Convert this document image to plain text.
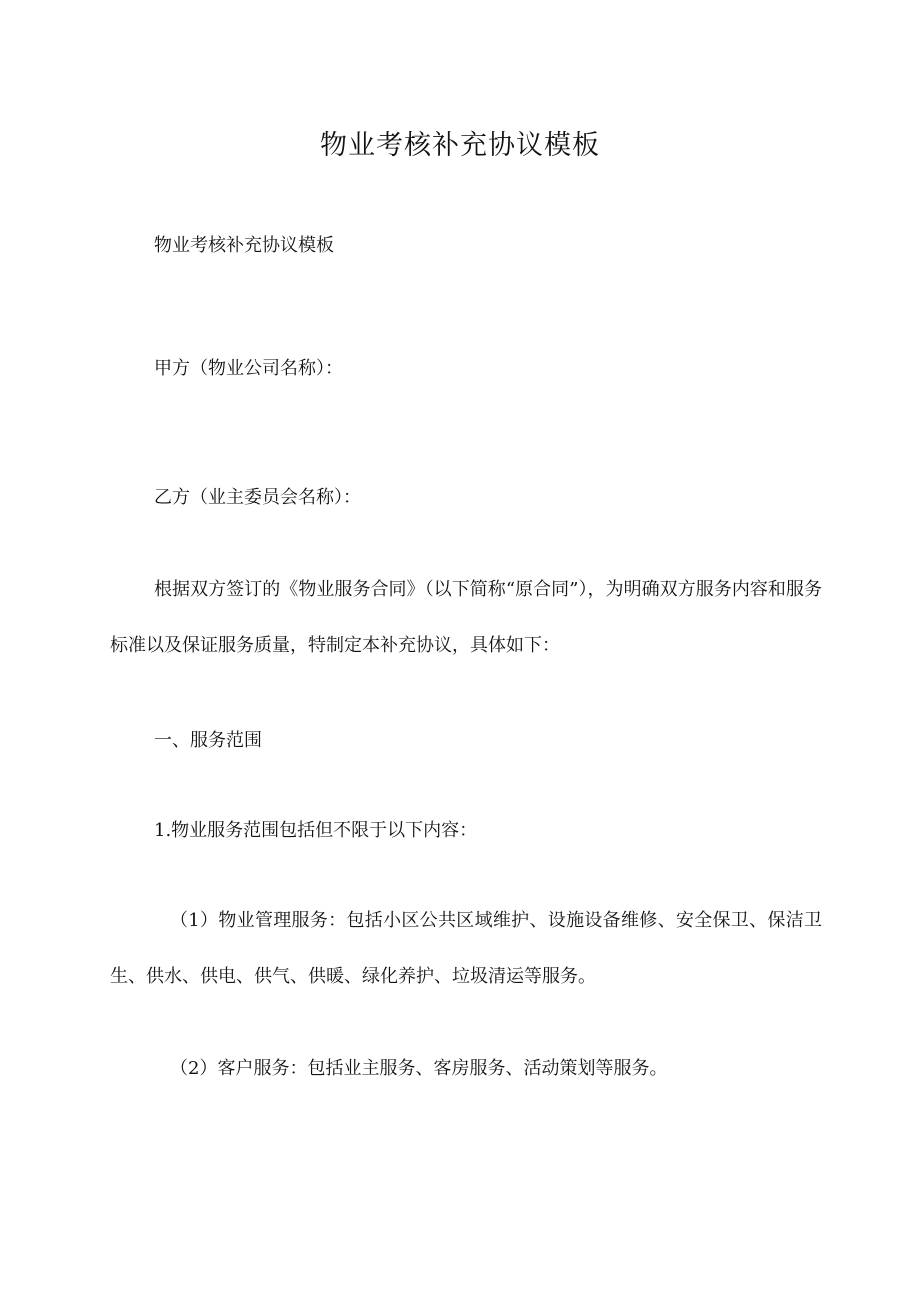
物业考核补充协议模板

物业考核补充协议模板

甲方（物业公司名称）：

乙方（业主委员会名称）：

根据双方签订的《物业服务合同》（以下简称“原合同”），为明确双方服务内容和服务标准以及保证服务质量，特制定本补充协议，具体如下：

一、服务范围

1.物业服务范围包括但不限于以下内容：

（1）物业管理服务：包括小区公共区域维护、设施设备维修、安全保卫、保洁卫生、供水、供电、供气、供暖、绿化养护、垃圾清运等服务。

（2）客户服务：包括业主服务、客房服务、活动策划等服务。
